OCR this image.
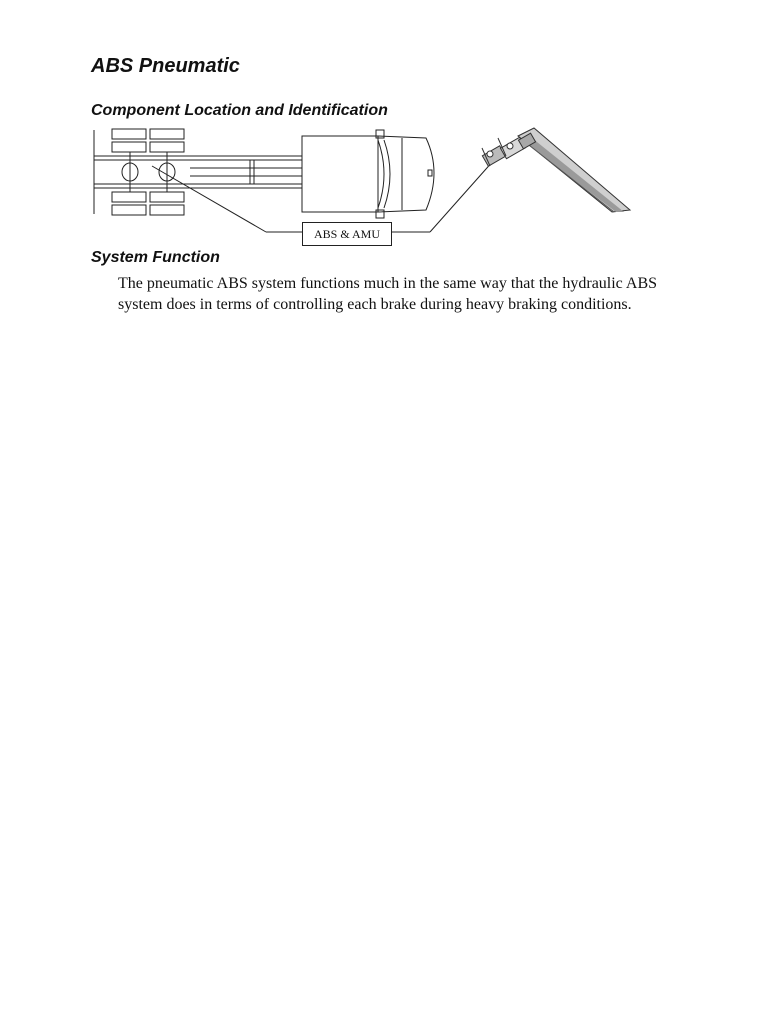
ABS Pneumatic
Component Location and Identification
ABS & AMU
System Function

The pneumatic ABS system functions much in the same way that the hydraulic ABS system does in terms of controlling each brake during heavy braking conditions.
